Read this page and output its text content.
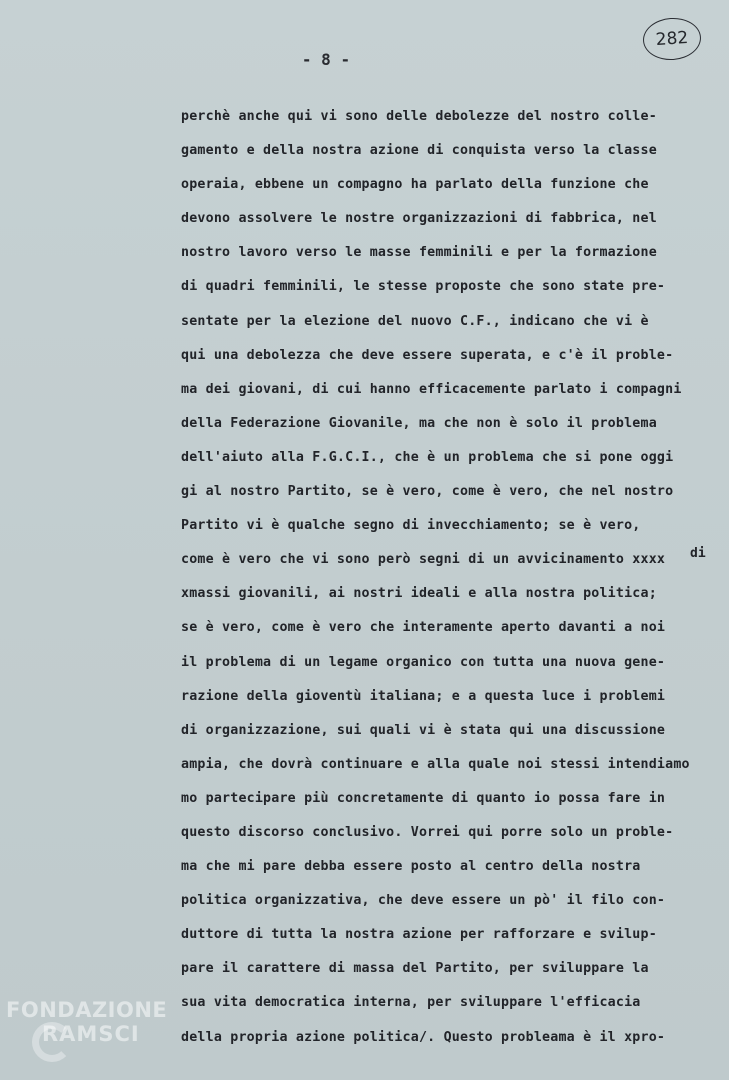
282
- 8 -
di
perchè anche qui vi sono delle debolezze del nostro colle-
gamento e della nostra azione di conquista verso la classe
operaia, ebbene un compagno ha parlato della funzione che
devono assolvere le nostre organizzazioni di fabbrica, nel
nostro lavoro verso le masse femminili e per la formazione
di quadri femminili, le stesse proposte che sono state pre-
sentate per la elezione del nuovo C.F., indicano che vi è
qui una debolezza che deve essere superata, e c'è il proble-
ma dei giovani, di cui hanno efficacemente parlato i compagni
della Federazione Giovanile, ma che non è solo il problema
dell'aiuto alla F.G.C.I., che è un problema che si pone oggi
gi al nostro Partito, se è vero, come è vero, che nel nostro
Partito vi è qualche segno di invecchiamento; se è vero,
come è vero che vi sono però segni di un avvicinamento xxxx
xmassi giovanili, ai nostri ideali e alla nostra politica;
se è vero, come è vero che interamente aperto davanti a noi
il problema di un legame organico con tutta una nuova gene-
razione della gioventù italiana; e a questa luce i problemi
di organizzazione, sui quali vi è stata qui una discussione
ampia, che dovrà continuare e alla quale noi stessi intendiamo
mo partecipare più concretamente di quanto io possa fare in
questo discorso conclusivo. Vorrei qui porre solo un proble-
ma che mi pare debba essere posto al centro della nostra
politica organizzativa, che deve essere un pò' il filo con-
duttore di tutta la nostra azione per rafforzare e svilup-
pare il carattere di massa del Partito, per sviluppare la
sua vita democratica interna, per sviluppare l'efficacia
della propria azione politica/. Questo probleama è il xpro-
FONDAZIONE
RAMSCI
